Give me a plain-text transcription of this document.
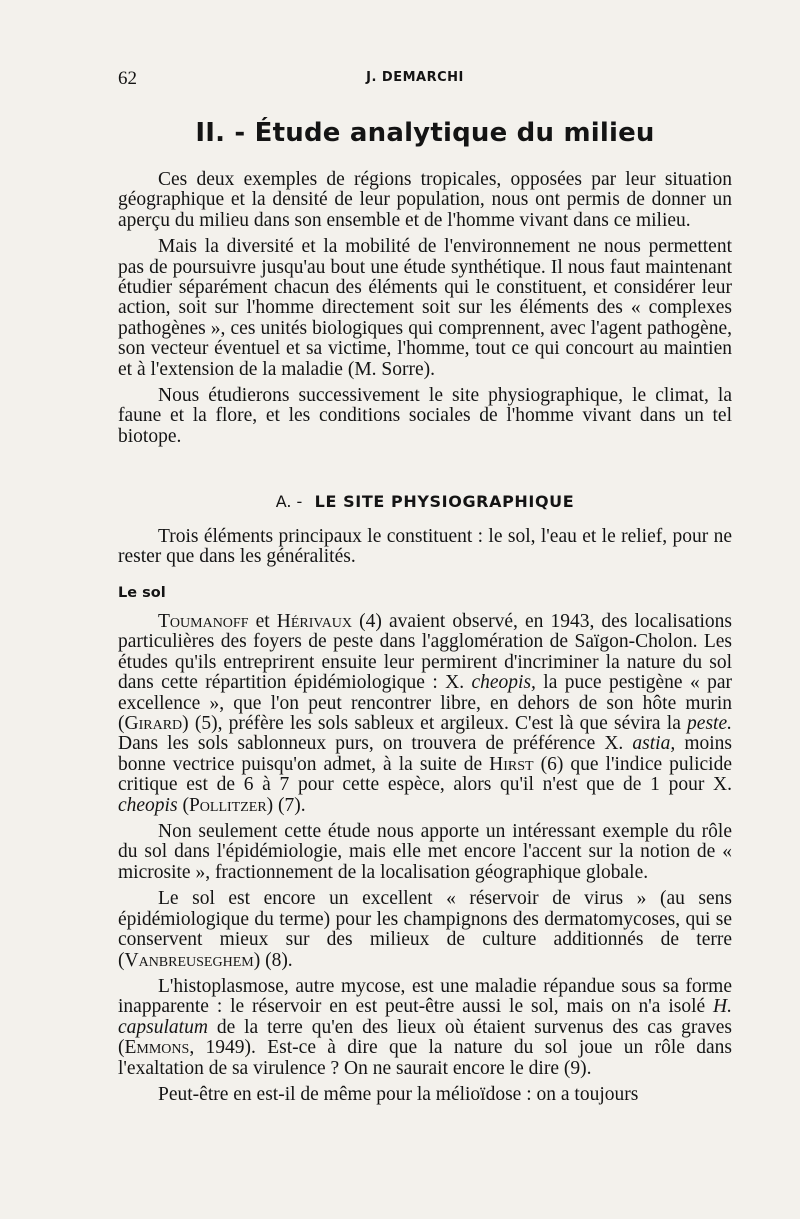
62	J. DEMARCHI
II. - Étude analytique du milieu

Ces deux exemples de régions tropicales, opposées par leur situation géographique et la densité de leur population, nous ont permis de donner un aperçu du milieu dans son ensemble et de l'homme vivant dans ce milieu.

Mais la diversité et la mobilité de l'environnement ne nous permettent pas de poursuivre jusqu'au bout une étude synthétique. Il nous faut maintenant étudier séparément chacun des éléments qui le constituent, et considérer leur action, soit sur l'homme directement soit sur les éléments des « complexes pathogènes », ces unités biologiques qui comprennent, avec l'agent pathogène, son vecteur éventuel et sa victime, l'homme, tout ce qui concourt au maintien et à l'extension de la maladie (M. Sorre).

Nous étudierons successivement le site physiographique, le climat, la faune et la flore, et les conditions sociales de l'homme vivant dans un tel biotope.

A. - LE SITE PHYSIOGRAPHIQUE

Trois éléments principaux le constituent : le sol, l'eau et le relief, pour ne rester que dans les généralités.

Le sol

Toumanoff et Hérivaux (4) avaient observé, en 1943, des localisations particulières des foyers de peste dans l'agglomération de Saïgon-Cholon. Les études qu'ils entreprirent ensuite leur permirent d'incriminer la nature du sol dans cette répartition épidémiologique : X. cheopis, la puce pestigène « par excellence », que l'on peut rencontrer libre, en dehors de son hôte murin (Girard) (5), préfère les sols sableux et argileux. C'est là que sévira la peste. Dans les sols sablonneux purs, on trouvera de préférence X. astia, moins bonne vectrice puisqu'on admet, à la suite de Hirst (6) que l'indice pulicide critique est de 6 à 7 pour cette espèce, alors qu'il n'est que de 1 pour X. cheopis (Pollitzer) (7).

Non seulement cette étude nous apporte un intéressant exemple du rôle du sol dans l'épidémiologie, mais elle met encore l'accent sur la notion de « microsite », fractionnement de la localisation géographique globale.

Le sol est encore un excellent « réservoir de virus » (au sens épidémiologique du terme) pour les champignons des dermatomycoses, qui se conservent mieux sur des milieux de culture additionnés de terre (Vanbreuseghem) (8).

L'histoplasmose, autre mycose, est une maladie répandue sous sa forme inapparente : le réservoir en est peut-être aussi le sol, mais on n'a isolé H. capsulatum de la terre qu'en des lieux où étaient survenus des cas graves (Emmons, 1949). Est-ce à dire que la nature du sol joue un rôle dans l'exaltation de sa virulence ? On ne saurait encore le dire (9).

Peut-être en est-il de même pour la mélioïdose : on a toujours
